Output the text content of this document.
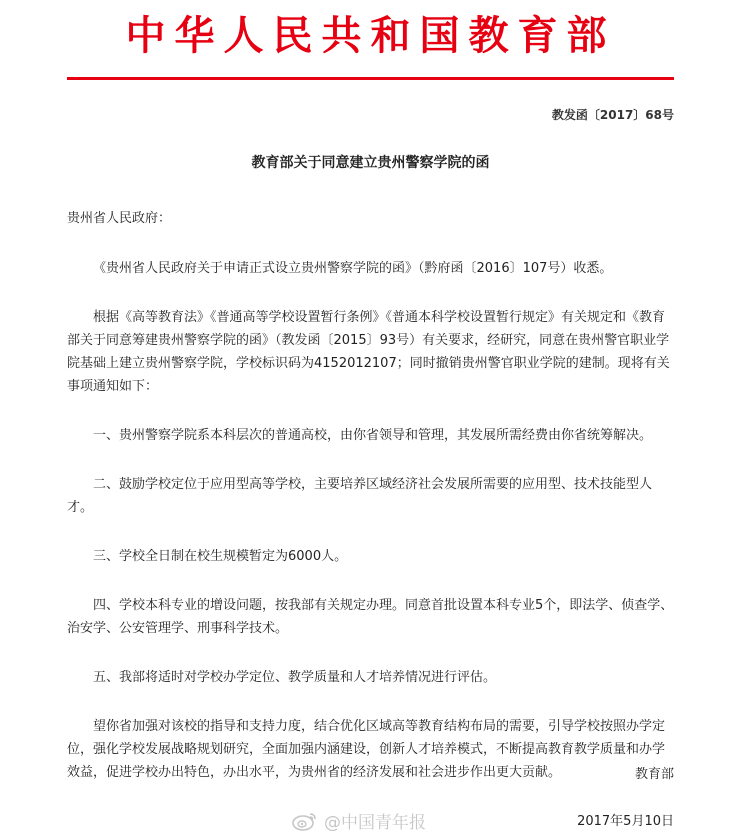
中华人民共和国教育部
教发函〔2017〕68号
教育部关于同意建立贵州警察学院的函

贵州省人民政府：

《贵州省人民政府关于申请正式设立贵州警察学院的函》（黔府函〔2016〕107号）收悉。

根据《高等教育法》《普通高等学校设置暂行条例》《普通本科学校设置暂行规定》有关规定和《教育部关于同意筹建贵州警察学院的函》（教发函〔2015〕93号）有关要求，经研究，同意在贵州警官职业学院基础上建立贵州警察学院，学校标识码为4152012107；同时撤销贵州警官职业学院的建制。现将有关事项通知如下：

一、贵州警察学院系本科层次的普通高校，由你省领导和管理，其发展所需经费由你省统筹解决。

二、鼓励学校定位于应用型高等学校，主要培养区域经济社会发展所需要的应用型、技术技能型人才。

三、学校全日制在校生规模暂定为6000人。

四、学校本科专业的增设问题，按我部有关规定办理。同意首批设置本科专业5个，即法学、侦查学、治安学、公安管理学、刑事科学技术。

五、我部将适时对学校办学定位、教学质量和人才培养情况进行评估。

望你省加强对该校的指导和支持力度，结合优化区域高等教育结构布局的需要，引导学校按照办学定位，强化学校发展战略规划研究，全面加强内涵建设，创新人才培养模式，不断提高教育教学质量和办学效益，促进学校办出特色，办出水平，为贵州省的经济发展和社会进步作出更大贡献。	教育部
@中国青年报	2017年5月10日
